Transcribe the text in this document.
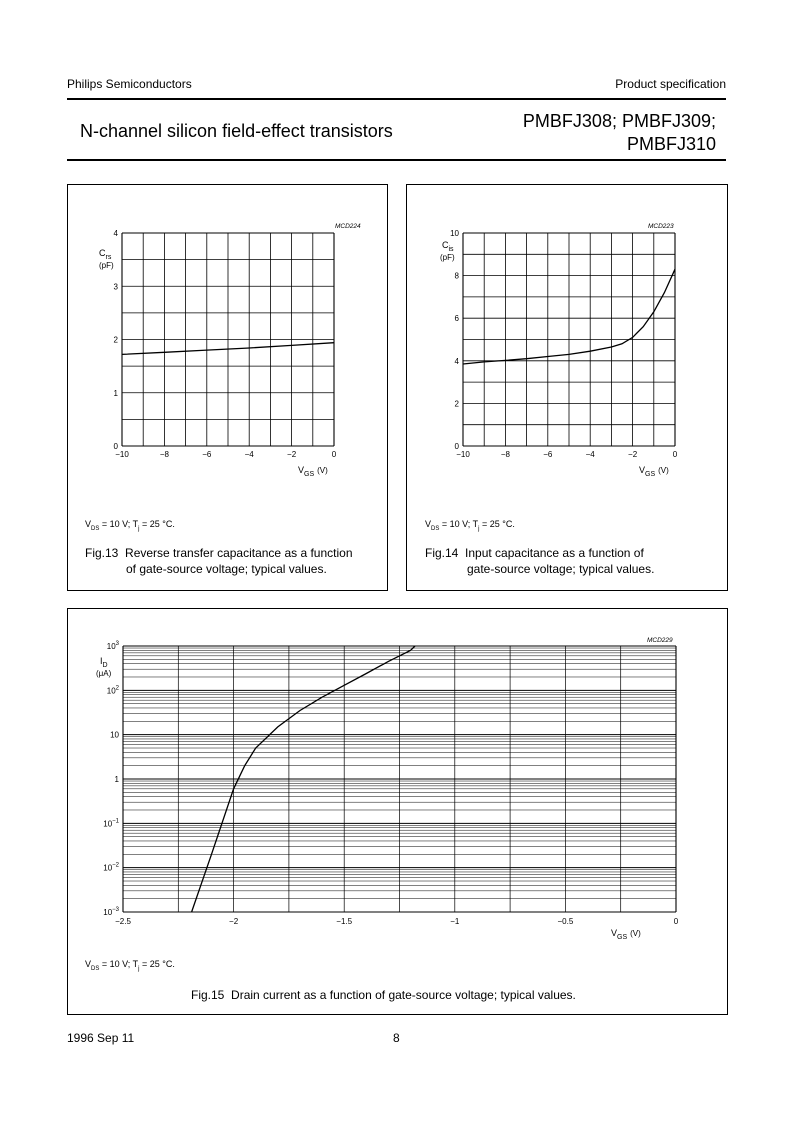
Philips Semiconductors	Product specification
N-channel silicon field-effect transistors	PMBFJ308; PMBFJ309;
PMBFJ310
−10	−8	−6	−4	−2	0
0
1
2
3
4
MCD224
$C_{rs}$
(pF)
$V_{GS}$ (V)
$V_{DS} = 10$ V; $T_j = 25$ °C.
Fig.13 Reverse transfer capacitance as a function
of gate-source voltage; typical values.
−10	−8	−6	−4	−2	0
0
2
4
6
8
10
MCD223
$C_{is}$
(pF)
$V_{GS}$ (V)
$V_{DS} = 10$ V; $T_j = 25$ °C.
Fig.14 Input capacitance as a function of
gate-source voltage; typical values.
−2.5	−2	−1.5	−1	−0.5	0
$10^{-3}$
$10^{-2}$
$10^{-1}$
1
10
$10^2$
$10^3$	MCD229
$I_D$
(μA)
$V_{GS}$ (V)
$V_{DS} = 10$ V; $T_j = 25$ °C.
Fig.15 Drain current as a function of gate-source voltage; typical values.
1996 Sep 11	8
